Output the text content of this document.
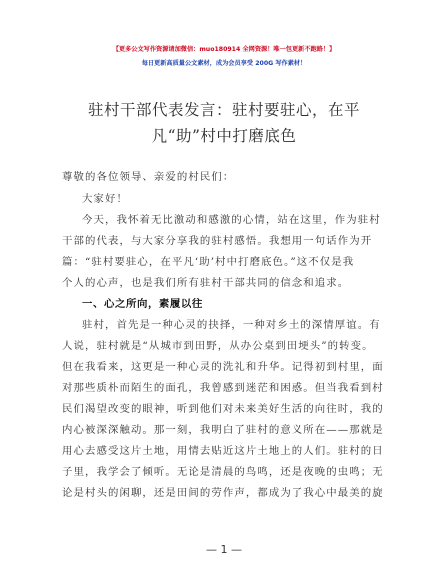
【更多公文写作资源请加微信：muo180914 全网资源！唯一包更新不跑路！】
每日更新高质量公文素材，成为会员享受 200G 写作素材！
驻村干部代表发言：驻村要驻心，在平
凡“助”村中打磨底色
尊敬的各位领导、亲爱的村民们：
大家好！
今天，我怀着无比激动和感激的心情，站在这里，作为驻村
干部的代表，与大家分享我的驻村感悟。我想用一句话作为开
篇：“驻村要驻心，在平凡‘助’村中打磨底色。”这不仅是我
个人的心声，也是我们所有驻村干部共同的信念和追求。
一、心之所向，素履以往
驻村，首先是一种心灵的抉择，一种对乡土的深情厚谊。有
人说，驻村就是“从城市到田野，从办公桌到田埂头”的转变。
但在我看来，这更是一种心灵的洗礼和升华。记得初到村里，面
对那些质朴而陌生的面孔，我曾感到迷茫和困惑。但当我看到村
民们渴望改变的眼神，听到他们对未来美好生活的向往时，我的
内心被深深触动。那一刻，我明白了驻村的意义所在——那就是
用心去感受这片土地，用情去贴近这片土地上的人们。驻村的日
子里，我学会了倾听。无论是清晨的鸟鸣，还是夜晚的虫鸣；无
论是村头的闲聊，还是田间的劳作声，都成为了我心中最美的旋
— 1 —
